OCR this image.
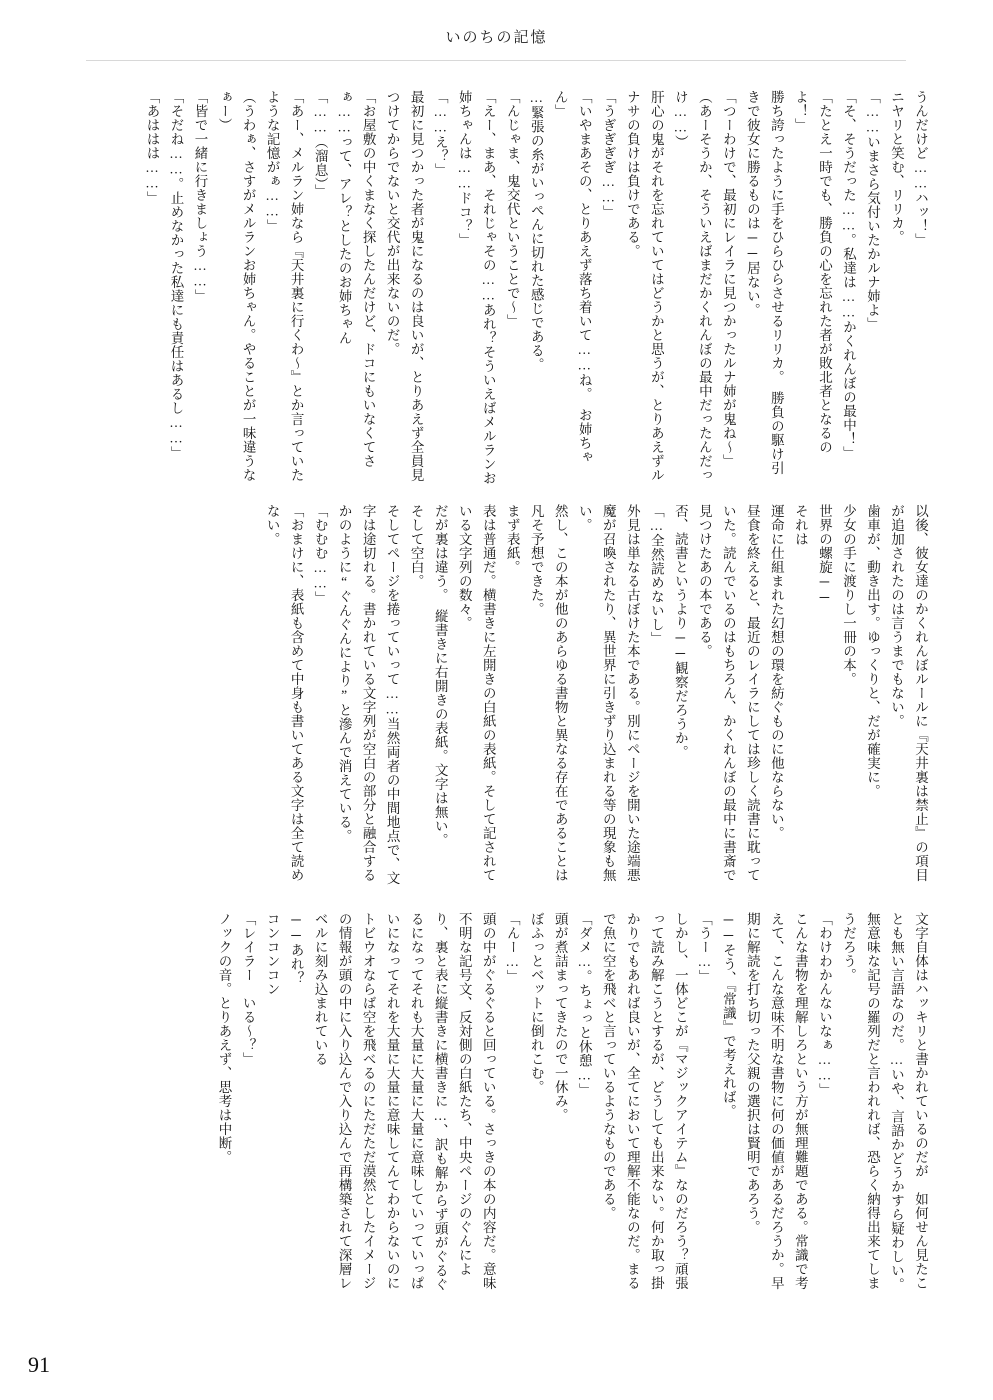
いのちの記憶
うんだけど……ハッ！」
ニヤリと笑む、リリカ。
「……いまさら気付いたかルナ姉よ」
「そ、そうだった……。私達は……かくれんぼの最中！」
「たとえ一時でも、勝負の心を忘れた者が敗北者となるのよ！」
勝ち誇ったように手をひらひらさせるリリカ。　勝負の駆け引きで彼女に勝るものは──居ない。
「つーわけで、最初にレイラに見つかったルナ姉が鬼ね～」
（あーそうか、そういえばまだかくれんぼの最中だったんだっけ……）
肝心の鬼がそれを忘れていてはどうかと思うが、とりあえずルナサの負けは負けである。
「うぎぎぎぎ……」
「いやまあその、とりあえず落ち着いて……ね。　お姉ちゃん」
…緊張の糸がいっぺんに切れた感じである。
「んじゃま、鬼交代ということで～」
「えー、まあ、それじゃその……あれ？そういえばメルランお姉ちゃんは……ドコ？」
「……え？」
最初に見つかった者が鬼になるのは良いが、とりあえず全員見つけてからでないと交代が出来ないのだ。
「お屋敷の中くまなく探したんだけど、ドコにもいなくてさぁ……って、アレ？としたのお姉ちゃん
「……（溜息）」
「あー、メルラン姉なら『天井裏に行くわ～』とか言っていたような記憶がぁ……」
（うわぁ、さすがメルランお姉ちゃん。やることが一味違うなぁー）
「皆で一緒に行きましょう……」
「そだね……。止めなかった私達にも責任はあるし……」
「あははは……」
以後、彼女達のかくれんぼルールに『天井裏は禁止』の項目が追加されたのは言うまでもない。
歯車が、動き出す。ゆっくりと、だが確実に。
少女の手に渡りし一冊の本。
世界の螺旋──
それは
運命に仕組まれた幻想の環を紡ぐものに他ならない。
昼食を終えると、最近のレイラにしては珍しく読書に耽っていた。読んでいるのはもちろん、かくれんぼの最中に書斎で見つけたあの本である。
否、読書というより──観察だろうか。
「…全然読めないし」
外見は単なる古ぼけた本である。別にページを開いた途端悪魔が召喚されたり、異世界に引きずり込まれる等の現象も無い。
然し、この本が他のあらゆる書物と異なる存在であることは凡そ予想できた。
まず表紙。
表は普通だ。横書きに左開きの白紙の表紙。そして記されている文字列の数々。
だが裏は違う。　縦書きに右開きの表紙。文字は無い。
そして空白。
そしてページを捲っていって……当然両者の中間地点で、文字は途切れる。書かれている文字列が空白の部分と融合するかのように“ぐんぐんにより”と滲んで消えている。
「むむむ……」
「おまけに、表紙も含めて中身も書いてある文字は全て読めない。
文字自体はハッキリと書かれているのだが　如何せん見たことも無い言語なのだ。…いや、言語かどうかすら疑わしい。無意味な記号の羅列だと言われれば、恐らく納得出来てしまうだろう。
「わけわかんないなぁ……」
こんな書物を理解しろという方が無理難題である。常識で考えて、こんな意味不明な書物に何の価値があるだろうか。早期に解読を打ち切った父親の選択は賢明であろう。
──そう、『常識』で考えれば。
「うー…」
しかし、一体どこが『マジックアイテム』なのだろう？頑張って読み解こうとするが、どうしても出来ない。何か取っ掛かりでもあれば良いが、全てにおいて理解不能なのだ。まるで魚に空を飛べと言っているようなものである。
「ダメ…。ちょっと休憩…」
頭が煮詰まってきたので一休み。
ぼふっとベットに倒れこむ。
「んー…」
頭の中がぐるぐると回っている。さっきの本の内容だ。意味不明な記号文、反対側の白紙たち、中央ページのぐんにより、裏と表に縦書きに横書きに…、訳も解からず頭がぐるぐるになってそれも大量に大量に大量に意味していっていっぱいになってそれを大量に大量に意味してんてわからないのにトビウオならば空を飛べるのにただただ漠然としたイメージの情報が頭の中に入り込んで入り込んで再構築されて深層レベルに刻み込まれている
──あれ？
コンコンコン
「レイラー　いる～？」
ノックの音。とりあえず、思考は中断。
91
